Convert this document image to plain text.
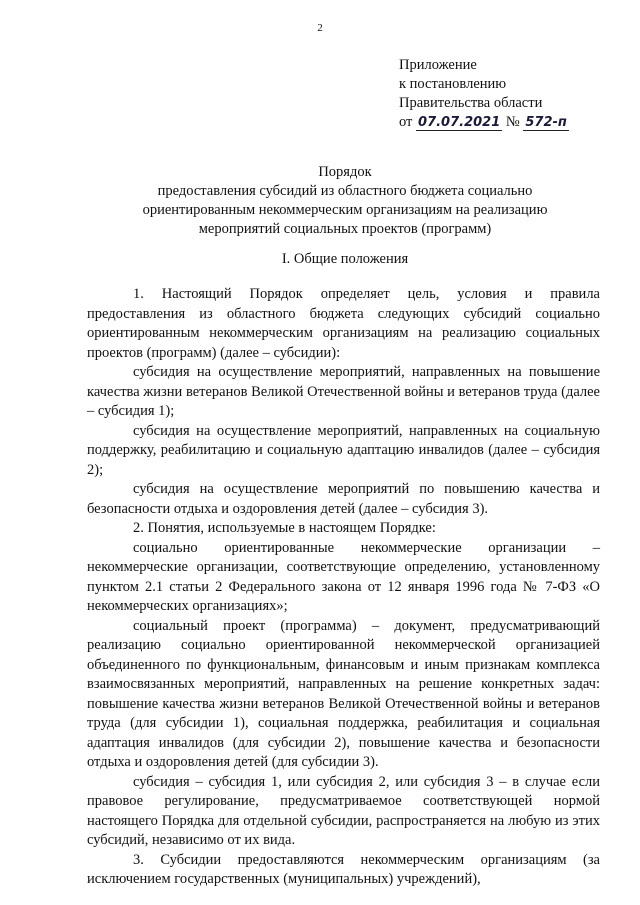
2
Приложение
к постановлению
Правительства области
от 07.07.2021 № 572-п
Порядок
предоставления субсидий из областного бюджета социально
ориентированным некоммерческим организациям на реализацию
мероприятий социальных проектов (программ)
I. Общие положения

1. Настоящий Порядок определяет цель, условия и правила предоставления из областного бюджета следующих субсидий социально ориентированным некоммерческим организациям на реализацию социальных проектов (программ) (далее – субсидии):

субсидия на осуществление мероприятий, направленных на повышение качества жизни ветеранов Великой Отечественной войны и ветеранов труда (далее – субсидия 1);

субсидия на осуществление мероприятий, направленных на социальную поддержку, реабилитацию и социальную адаптацию инвалидов (далее – субсидия 2);

субсидия на осуществление мероприятий по повышению качества и безопасности отдыха и оздоровления детей (далее – субсидия 3).

2. Понятия, используемые в настоящем Порядке:

социально ориентированные некоммерческие организации – некоммерческие организации, соответствующие определению, установленному пунктом 2.1 статьи 2 Федерального закона от 12 января 1996 года № 7-ФЗ «О некоммерческих организациях»;

социальный проект (программа) – документ, предусматривающий реализацию социально ориентированной некоммерческой организацией объединенного по функциональным, финансовым и иным признакам комплекса взаимосвязанных мероприятий, направленных на решение конкретных задач: повышение качества жизни ветеранов Великой Отечественной войны и ветеранов труда (для субсидии 1), социальная поддержка, реабилитация и социальная адаптация инвалидов (для субсидии 2), повышение качества и безопасности отдыха и оздоровления детей (для субсидии 3).

субсидия – субсидия 1, или субсидия 2, или субсидия 3 – в случае если правовое регулирование, предусматриваемое соответствующей нормой настоящего Порядка для отдельной субсидии, распространяется на любую из этих субсидий, независимо от их вида.

3. Субсидии предоставляются некоммерческим организациям (за исключением государственных (муниципальных) учреждений),
